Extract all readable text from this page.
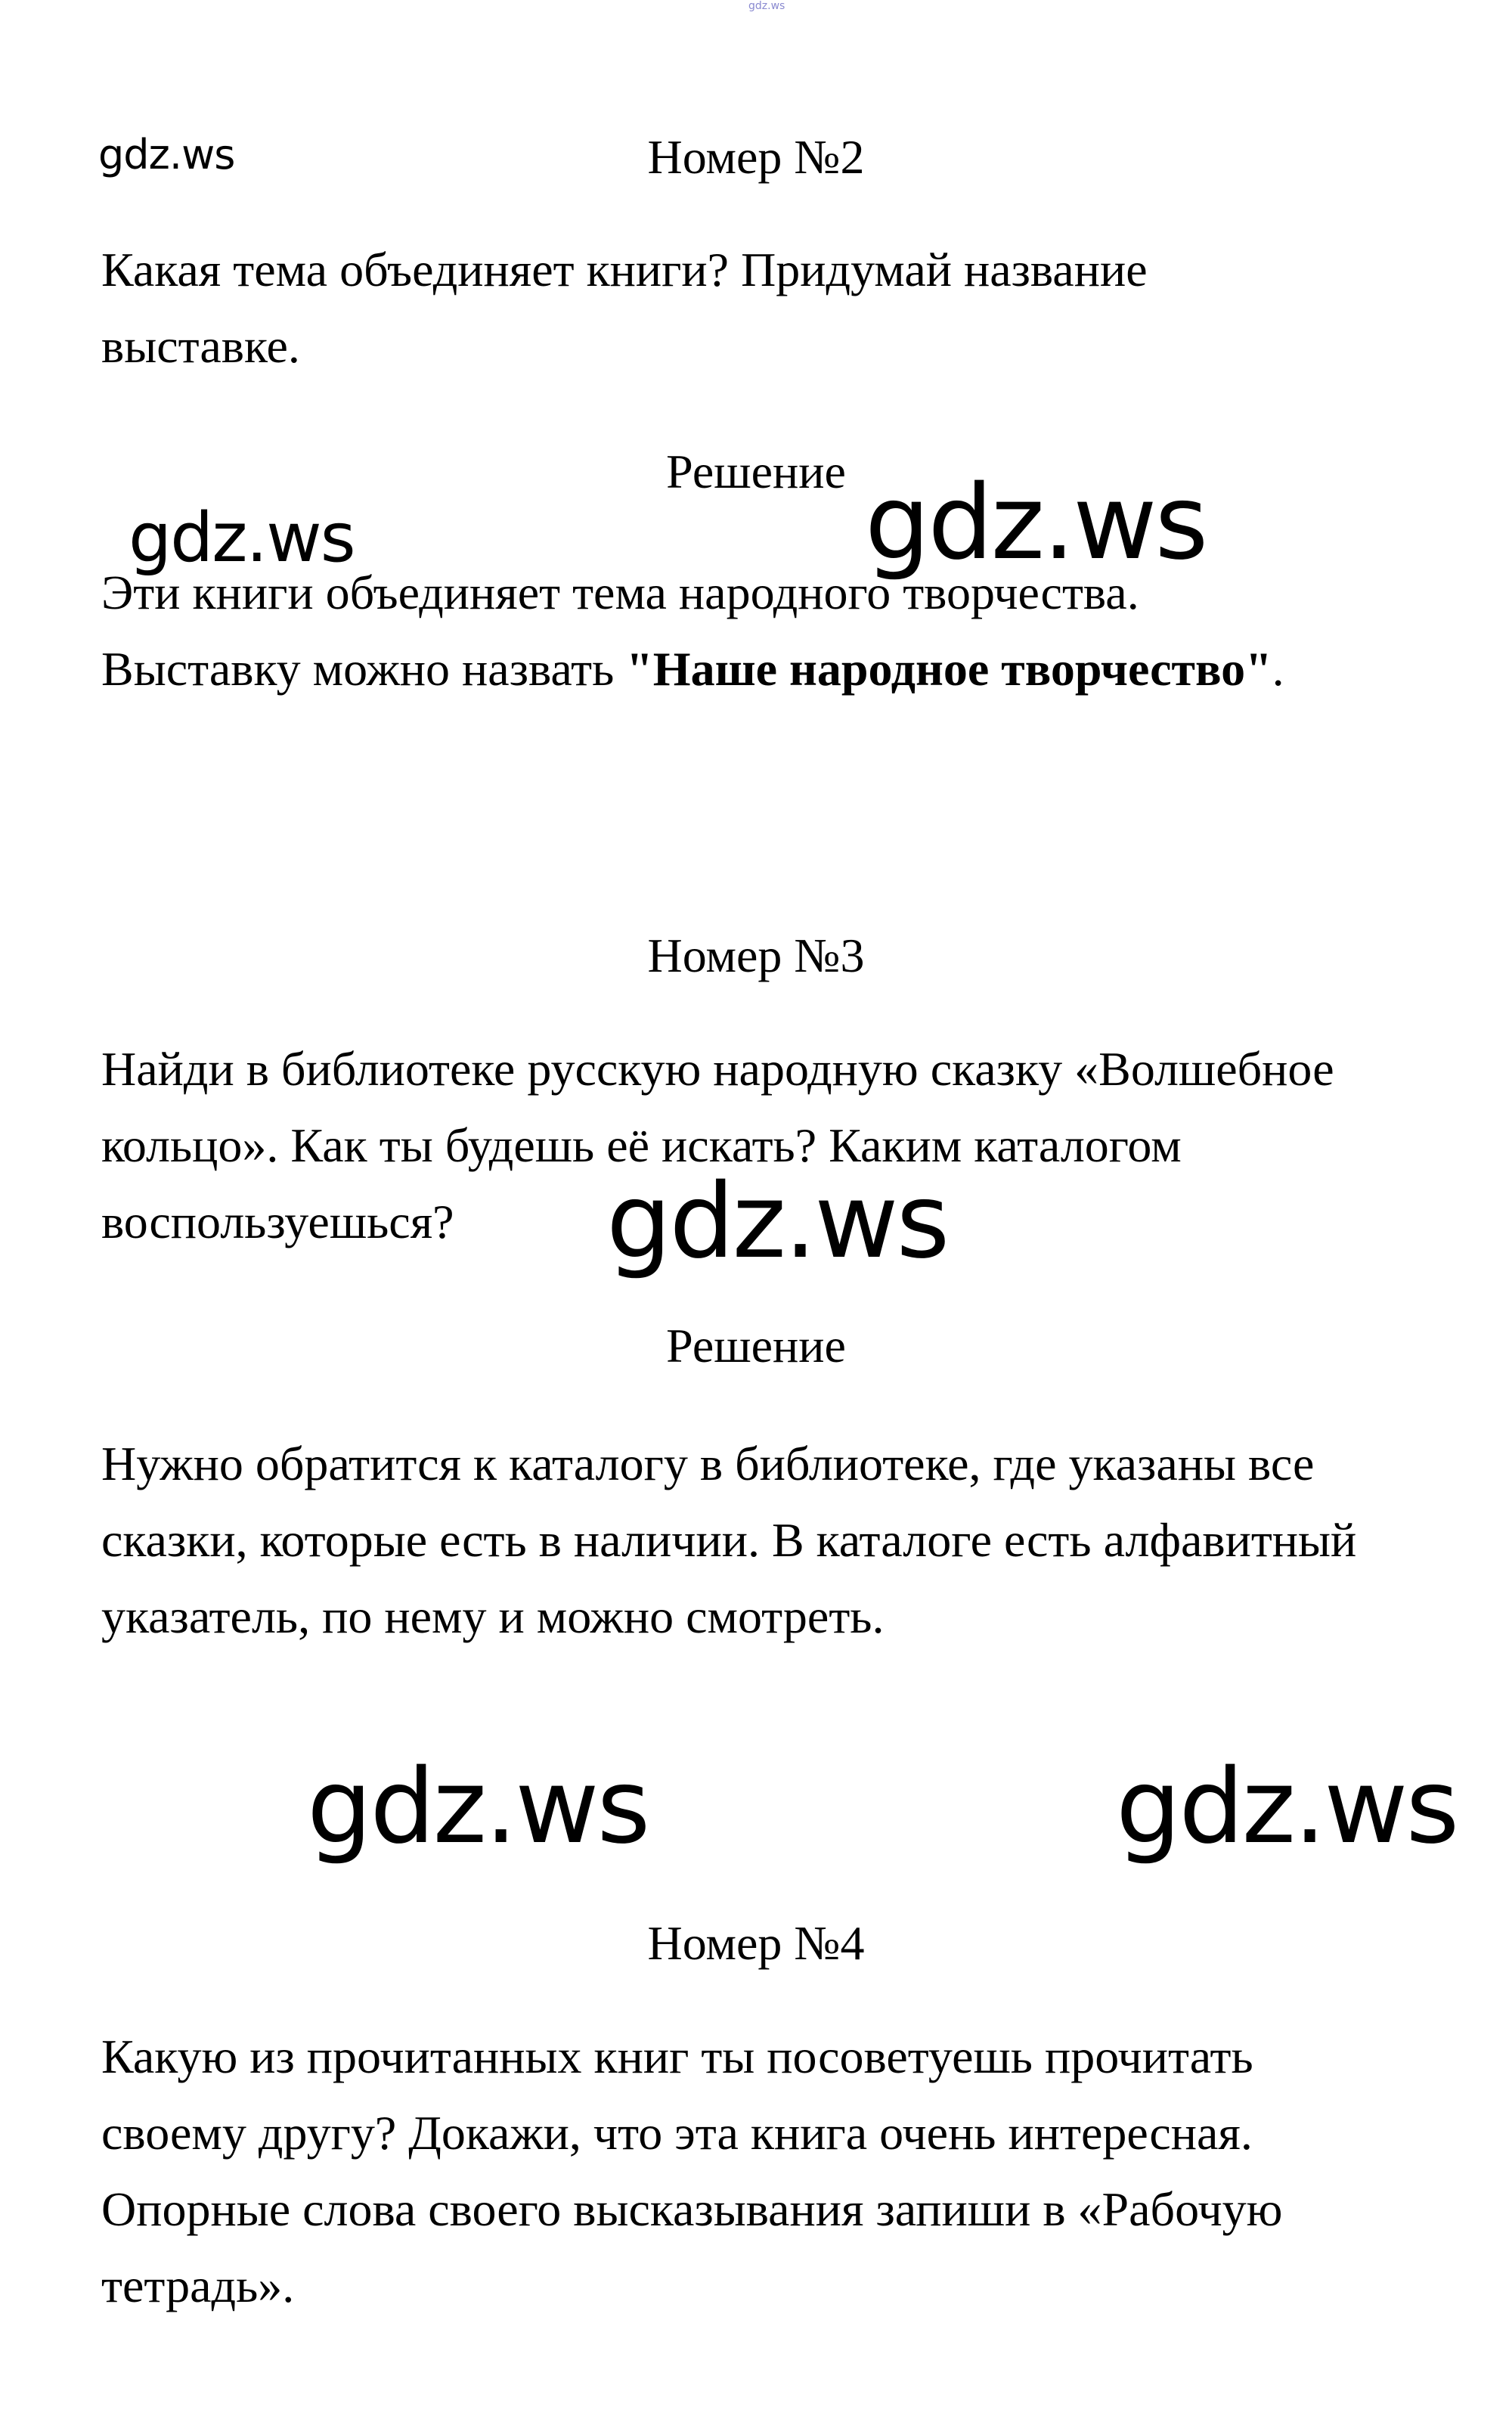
gdz.ws
gdz.ws	Номер №2
Какая тема объединяет книги? Придумай название
выставке.
Решение
gdz.ws	gdz.ws
Эти книги объединяет тема народного творчества.
Выставку можно назвать "Наше народное творчество".
Номер №3
Найди в библиотеке русскую народную сказку «Волшебное
кольцо». Как ты будешь её искать? Каким каталогом
воспользуешься?	gdz.ws
Решение
Нужно обратится к каталогу в библиотеке, где указаны все
сказки, которые есть в наличии. В каталоге есть алфавитный
указатель, по нему и можно смотреть.
gdz.ws	gdz.ws
Номер №4
Какую из прочитанных книг ты посоветуешь прочитать
своему другу? Докажи, что эта книга очень интересная.
Опорные слова своего высказывания запиши в «Рабочую
тетрадь».
